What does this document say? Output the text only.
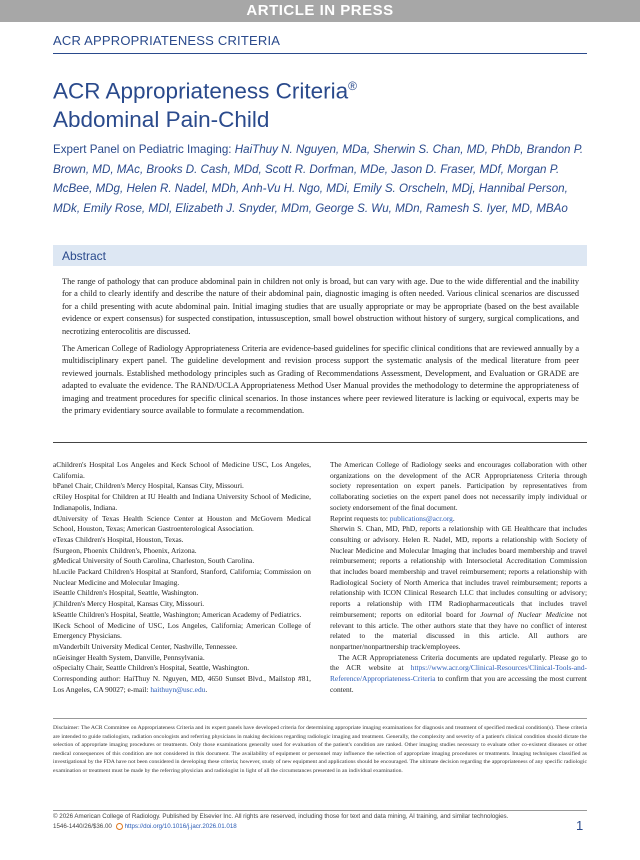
ARTICLE IN PRESS
ACR APPROPRIATENESS CRITERIA
ACR Appropriateness Criteria®
Abdominal Pain-Child
Expert Panel on Pediatric Imaging: HaiThuy N. Nguyen, MDa, Sherwin S. Chan, MD, PhDb, Brandon P. Brown, MD, MAc, Brooks D. Cash, MDd, Scott R. Dorfman, MDe, Jason D. Fraser, MDf, Morgan P. McBee, MDg, Helen R. Nadel, MDh, Anh-Vu H. Ngo, MDi, Emily S. Orscheln, MDj, Hannibal Person, MDk, Emily Rose, MDl, Elizabeth J. Snyder, MDm, George S. Wu, MDn, Ramesh S. Iyer, MD, MBAo
Abstract

The range of pathology that can produce abdominal pain in children not only is broad, but can vary with age. Due to the wide differential and the inability for a child to clearly identify and describe the nature of their abdominal pain, diagnostic imaging is often needed. Various clinical scenarios are discussed for a child presenting with acute abdominal pain. Initial imaging studies that are usually appropriate or may be appropriate (based on the best available evidence or expert consensus) for suspected constipation, intussusception, small bowel obstruction without history of surgery, surgical complications, and necrotizing enterocolitis are discussed.

The American College of Radiology Appropriateness Criteria are evidence-based guidelines for specific clinical conditions that are reviewed annually by a multidisciplinary expert panel. The guideline development and revision process support the systematic analysis of the medical literature from peer reviewed journals. Established methodology principles such as Grading of Recommendations Assessment, Development, and Evaluation or GRADE are adapted to evaluate the evidence. The RAND/UCLA Appropriateness Method User Manual provides the methodology to determine the appropriateness of imaging and treatment procedures for specific clinical scenarios. In those instances where peer reviewed literature is lacking or equivocal, experts may be the primary evidentiary source available to formulate a recommendation.

aChildren's Hospital Los Angeles and Keck School of Medicine USC, Los Angeles, California.

bPanel Chair, Children's Mercy Hospital, Kansas City, Missouri.

cRiley Hospital for Children at IU Health and Indiana University School of Medicine, Indianapolis, Indiana.

dUniversity of Texas Health Science Center at Houston and McGovern Medical School, Houston, Texas; American Gastroenterological Association.

eTexas Children's Hospital, Houston, Texas.

fSurgeon, Phoenix Children's, Phoenix, Arizona.

gMedical University of South Carolina, Charleston, South Carolina.

hLucile Packard Children's Hospital at Stanford, Stanford, California; Commission on Nuclear Medicine and Molecular Imaging.

iSeattle Children's Hospital, Seattle, Washington.

jChildren's Mercy Hospital, Kansas City, Missouri.

kSeattle Children's Hospital, Seattle, Washington; American Academy of Pediatrics.

lKeck School of Medicine of USC, Los Angeles, California; American College of Emergency Physicians.

mVanderbilt University Medical Center, Nashville, Tennessee.

nGeisinger Health System, Danville, Pennsylvania.

oSpecialty Chair, Seattle Children's Hospital, Seattle, Washington.

Corresponding author: HaiThuy N. Nguyen, MD, 4650 Sunset Blvd., Mailstop #81, Los Angeles, CA 90027; e-mail: haithuyn@usc.edu.

The American College of Radiology seeks and encourages collaboration with other organizations on the development of the ACR Appropriateness Criteria through society representation on expert panels. Participation by representatives from collaborating societies on the expert panel does not necessarily imply individual or society endorsement of the final document.

Reprint requests to: publications@acr.org.

Sherwin S. Chan, MD, PhD, reports a relationship with GE Healthcare that includes consulting or advisory. Helen R. Nadel, MD, reports a relationship with Society of Nuclear Medicine and Molecular Imaging that includes board membership and travel reimbursement; reports a relationship with Intersocietal Accreditation Commission that includes board membership and travel reimbursement; reports a relationship with Radiological Society of North America that includes travel reimbursement; reports a relationship with ICON Clinical Research LLC that includes consulting or advisory; reports a relationship with ITM Radiopharmaceuticals that includes travel reimbursement; reports on editorial board for Journal of Nuclear Medicine not relevant to this article. The other authors state that they have no conflict of interest related to the material discussed in this article. All authors are nonpartner/nonpartnership track/employees.

The ACR Appropriateness Criteria documents are updated regularly. Please go to the ACR website at https://www.acr.org/Clinical-Resources/Clinical-Tools-and-Reference/Appropriateness-Criteria to confirm that you are accessing the most current content.

Disclaimer: The ACR Committee on Appropriateness Criteria and its expert panels have developed criteria for determining appropriate imaging examinations for diagnosis and treatment of specified medical condition(s). These criteria are intended to guide radiologists, radiation oncologists and referring physicians in making decisions regarding radiologic imaging and treatment. Generally, the complexity and severity of a patient's clinical condition should dictate the selection of appropriate imaging procedures or treatments. Only those examinations generally used for evaluation of the patient's condition are ranked. Other imaging studies necessary to evaluate other co-existent diseases or other medical consequences of this condition are not considered in this document. The availability of equipment or personnel may influence the selection of appropriate imaging procedures or treatments. Imaging techniques classified as investigational by the FDA have not been considered in developing these criteria; however, study of new equipment and applications should be encouraged. The ultimate decision regarding the appropriateness of any specific radiologic examination or treatment must be made by the referring physician and radiologist in light of all the circumstances presented in an individual examination.
© 2026 American College of Radiology. Published by Elsevier Inc. All rights are reserved, including those for text and data mining, AI training, and similar technologies.
1546-1440/26/$36.00 https://doi.org/10.1016/j.jacr.2026.01.018	1
